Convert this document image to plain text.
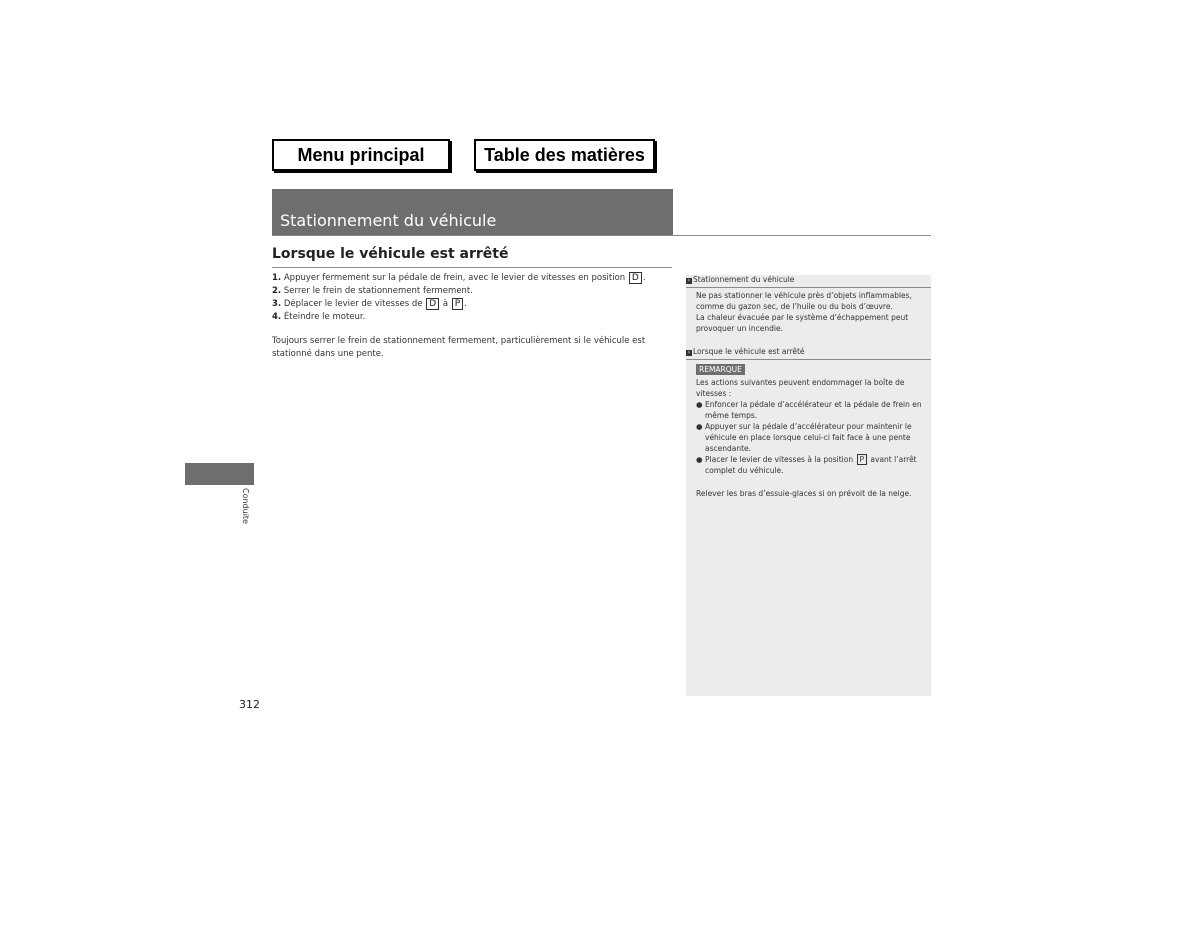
Menu principal	Table des matières
Stationnement du véhicule
Lorsque le véhicule est arrêté
1. Appuyer fermement sur la pédale de frein, avec le levier de vitesses en position D .
2. Serrer le frein de stationnement fermement.
3. Déplacer le levier de vitesses de D à P .
4. Éteindre le moteur.
Toujours serrer le frein de stationnement fermement, particulièrement si le véhicule est stationné dans une pente.
› Stationnement du véhicule
Ne pas stationner le véhicule près d’objets inflammables,
comme du gazon sec, de l’huile ou du bois d’œuvre.
La chaleur évacuée par le système d’échappement peut
provoquer un incendie.
› Lorsque le véhicule est arrêté
REMARQUE
Les actions suivantes peuvent endommager la boîte de vitesses :
● Enfoncer la pédale d’accélérateur et la pédale de frein en même temps.
● Appuyer sur la pédale d’accélérateur pour maintenir le véhicule en place lorsque celui-ci fait face à une pente ascendante.
● Placer le levier de vitesses à la position P avant l’arrêt complet du véhicule.
Relever les bras d’essuie-glaces si on prévoit de la neige.
Conduite
312
